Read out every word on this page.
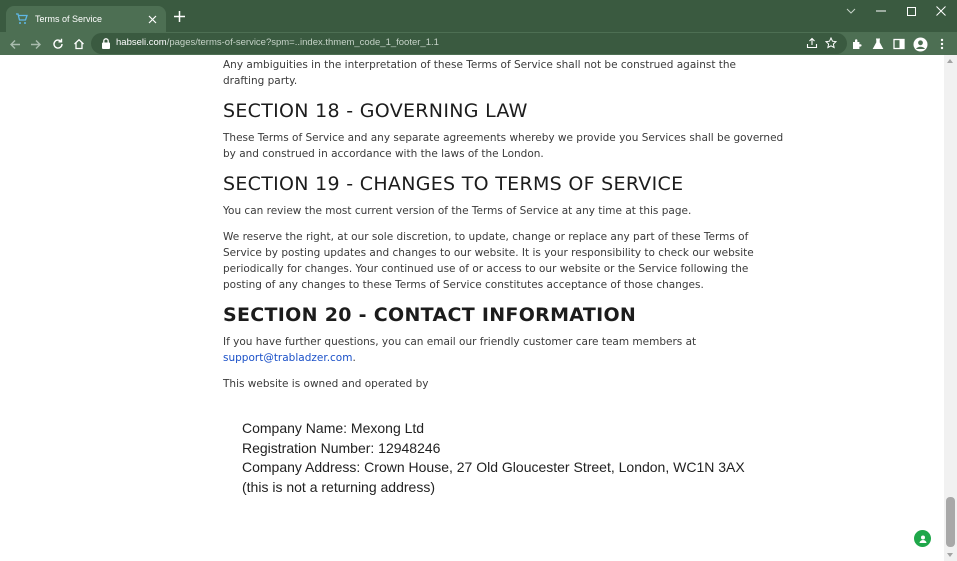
Terms of Service
habseli.com/pages/terms-of-service?spm=..index.thmem_code_1_footer_1.1
Any ambiguities in the interpretation of these Terms of Service shall not be construed against the
drafting party.
SECTION 18 - GOVERNING LAW
These Terms of Service and any separate agreements whereby we provide you Services shall be governed
by and construed in accordance with the laws of the London.
SECTION 19 - CHANGES TO TERMS OF SERVICE
You can review the most current version of the Terms of Service at any time at this page.
We reserve the right, at our sole discretion, to update, change or replace any part of these Terms of
Service by posting updates and changes to our website. It is your responsibility to check our website
periodically for changes. Your continued use of or access to our website or the Service following the
posting of any changes to these Terms of Service constitutes acceptance of those changes.
SECTION 20 - CONTACT INFORMATION
If you have further questions, you can email our friendly customer care team members at
support@trabladzer.com.
This website is owned and operated by
Company Name: Mexong Ltd
Registration Number: 12948246
Company Address: Crown House, 27 Old Gloucester Street, London, WC1N 3AX
(this is not a returning address)
